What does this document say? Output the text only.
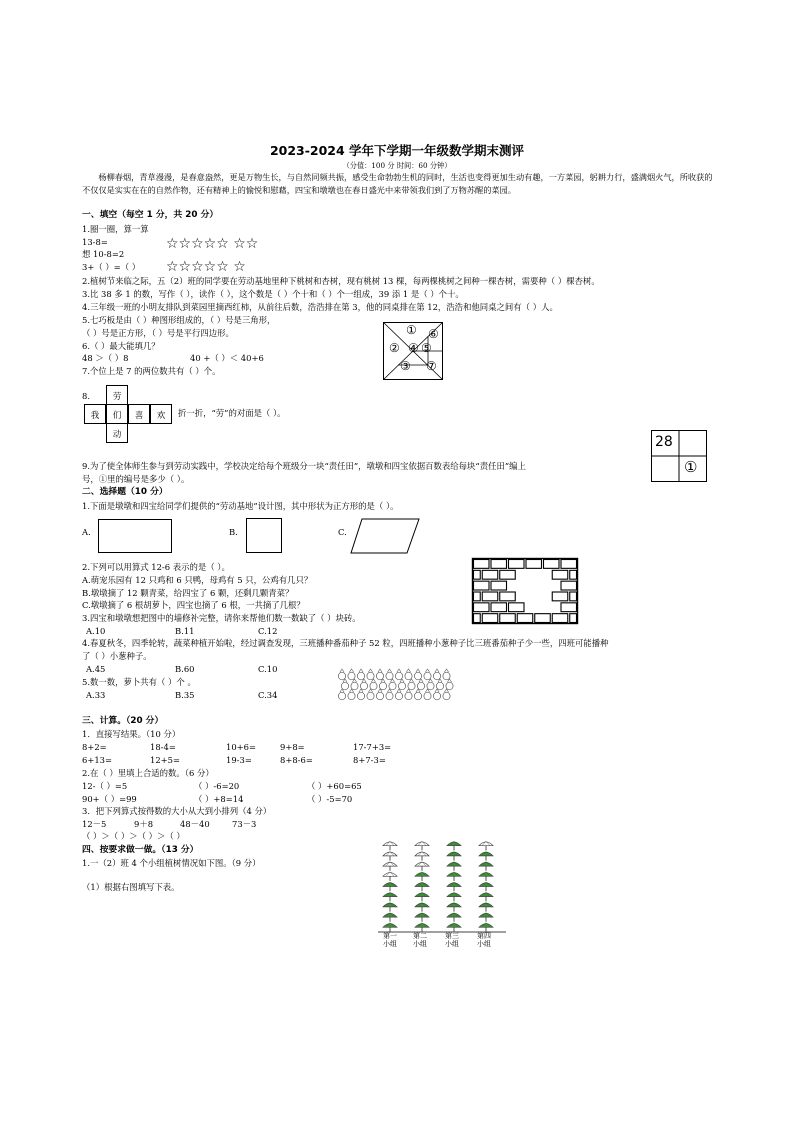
2023-2024 学年下学期一年级数学期末测评
（分值：100 分 时间：60 分钟）
杨柳春烟，青草漫漫，是春意盎然，更是万物生长，与自然同频共振，感受生命勃勃生机的同时，生活也变得更加生动有趣，一方菜园，躬耕力行，盛满烟火气，所收获的不仅仅是实实在在的自然作物，还有精神上的愉悦和慰藉，四宝和墩墩也在春日盛光中来带领我们到了万物苏醒的菜园。
一、填空（每空 1 分，共 20 分）
1.圈一圈，算一算
13-8=
想 10-8=2
3+（ ）=（ ）
☆☆☆☆☆ ☆☆
☆☆☆☆☆ ☆
2.植树节来临之际，五（2）班的同学要在劳动基地里种下桃树和杏树，现有桃树 13 棵，每两棵桃树之间种一棵杏树，需要种（ ）棵杏树。
3.比 38 多 1 的数，写作（ ），读作（ ），这个数是（ ）个十和（ ）个一组成，39 添 1 是（ ）个十。
4.三年级一班的小明友排队到菜园里摘西红柿，从前往后数，浩浩排在第 3，他的同桌排在第 12，浩浩和他同桌之间有（ ）人。
5.七巧板是由（ ）种图形组成的，（ ）号是三角形，
（ ）号是正方形，（ ）号是平行四边形。
6.（ ）最大能填几？
48 ＞（ ）8	40 +（ ）＜ 40+6
7.个位上是 7 的两位数共有（ ）个。
①
②
③
④ ⑤
⑥
⑦
8.	劳
我	们	喜	欢
动
折一折，“劳”的对面是（ ）。
28
①
9.为了使全体师生参与到劳动实践中，学校决定给每个班级分一块“责任田”，墩墩和四宝依据百数表给每块“责任田”编上
号，①里的编号是多少（ ）。
二、选择题（10 分）
1.下面是墩墩和四宝给同学们提供的“劳动基地”设计图，其中形状为正方形的是（ ）。
A.	B.	C.
2.下列可以用算式 12-6 表示的是（ ）。
A.萌宠乐园有 12 只鸡和 6 只鸭，母鸡有 5 只，公鸡有几只？
B.墩墩摘了 12 颗青菜，给四宝了 6 颗，还剩几颗青菜？
C.墩墩摘了 6 根胡萝卜，四宝也摘了 6 根，一共摘了几根？
3.四宝和墩墩想把图中的墙修补完整，请你来帮他们数一数缺了（ ）块砖。
A.10	B.11	C.12
4.春夏秋冬，四季轮转，蔬菜种植开始啦，经过调查发现，三班播种番茄种子 52 粒，四班播种小葱种子比三班番茄种子少一些，四班可能播种
了（ ）小葱种子。
A.45	B.60	C.10
5.数一数，萝卜共有（ ）个 。
A.33	B.35	C.34
三、计算。（20 分）
1．直接写结果。（10 分）
8+2=	18-4=	10+6=	9+8=	17-7+3=
6+13=	12+5=	19-3=	8+8-6=	8+7-3=
2.在（ ）里填上合适的数。（6 分）
12-（ ）=5	（ ）-6=20	（ ）+60=65
90+（ ）=99	（ ）+8=14	（ ）-5=70
3．把下列算式按得数的大小从大到小排列（4 分）
12－5	9＋8	48－40	73－3
（ ）＞（ ）＞（ ）＞（ ）
四、按要求做一做。（13 分）
1.一（2）班 4 个小组植树情况如下图。（9 分）
（1）根据右图填写下表。
第一小组
第二小组
第三小组
第四小组
